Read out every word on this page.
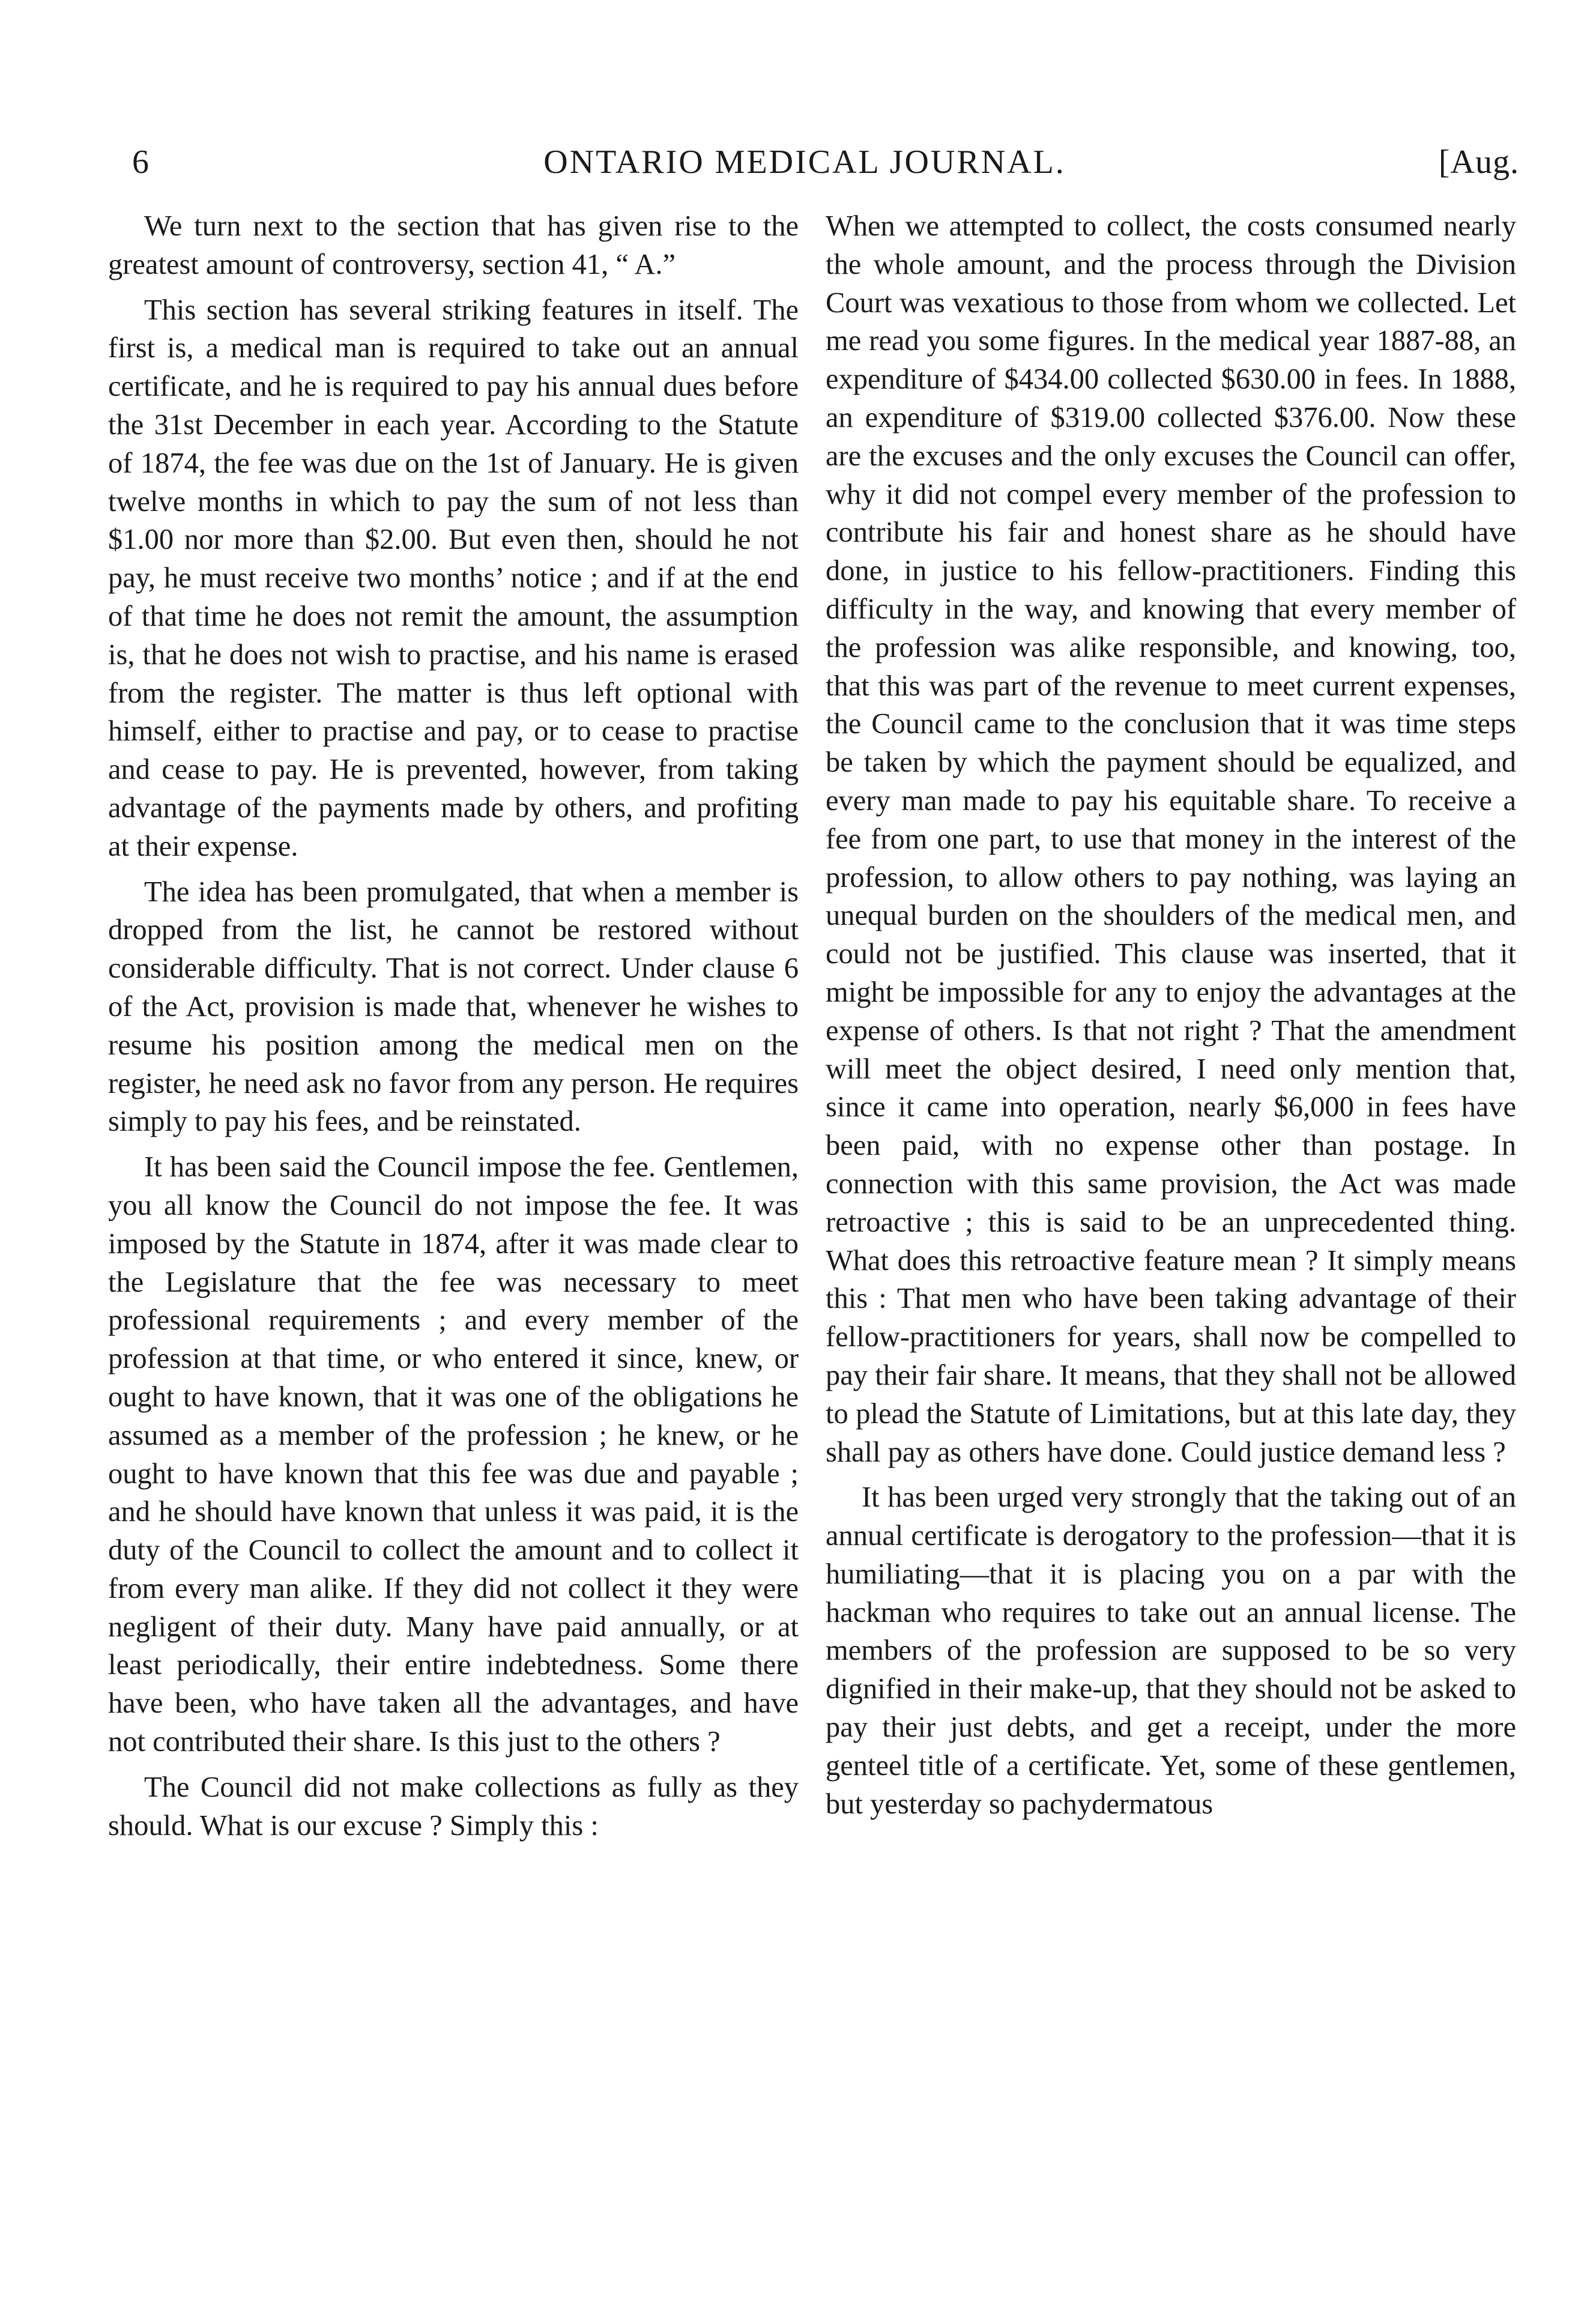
6	ONTARIO MEDICAL JOURNAL.	[Aug.

We turn next to the section that has given rise to the greatest amount of controversy, section 41, “ A.”

This section has several striking features in itself. The first is, a medical man is required to take out an annual certificate, and he is required to pay his annual dues before the 31st December in each year. According to the Statute of 1874, the fee was due on the 1st of January. He is given twelve months in which to pay the sum of not less than $1.00 nor more than $2.00. But even then, should he not pay, he must receive two months’ notice ; and if at the end of that time he does not remit the amount, the assumption is, that he does not wish to practise, and his name is erased from the register. The matter is thus left optional with himself, either to practise and pay, or to cease to practise and cease to pay. He is prevented, however, from taking advantage of the payments made by others, and profiting at their expense.

The idea has been promulgated, that when a member is dropped from the list, he cannot be restored without considerable difficulty. That is not correct. Under clause 6 of the Act, provision is made that, whenever he wishes to resume his position among the medical men on the register, he need ask no favor from any person. He requires simply to pay his fees, and be reinstated.

It has been said the Council impose the fee. Gentlemen, you all know the Council do not impose the fee. It was imposed by the Statute in 1874, after it was made clear to the Legislature that the fee was necessary to meet professional requirements ; and every member of the profession at that time, or who entered it since, knew, or ought to have known, that it was one of the obligations he assumed as a member of the profession ; he knew, or he ought to have known that this fee was due and payable ; and he should have known that unless it was paid, it is the duty of the Council to collect the amount and to collect it from every man alike. If they did not collect it they were negligent of their duty. Many have paid annually, or at least periodically, their entire indebtedness. Some there have been, who have taken all the advantages, and have not contributed their share. Is this just to the others ?

The Council did not make collections as fully as they should. What is our excuse ? Simply this :

When we attempted to collect, the costs consumed nearly the whole amount, and the process through the Division Court was vexatious to those from whom we collected. Let me read you some figures. In the medical year 1887-88, an expenditure of $434.00 collected $630.00 in fees. In 1888, an expenditure of $319.00 collected $376.00. Now these are the excuses and the only excuses the Council can offer, why it did not compel every member of the profession to contribute his fair and honest share as he should have done, in justice to his fellow-practitioners. Finding this difficulty in the way, and knowing that every member of the profession was alike responsible, and knowing, too, that this was part of the revenue to meet current expenses, the Council came to the conclusion that it was time steps be taken by which the payment should be equalized, and every man made to pay his equitable share. To receive a fee from one part, to use that money in the interest of the profession, to allow others to pay nothing, was laying an unequal burden on the shoulders of the medical men, and could not be justified. This clause was inserted, that it might be impossible for any to enjoy the advantages at the expense of others. Is that not right ? That the amendment will meet the object desired, I need only mention that, since it came into operation, nearly $6,000 in fees have been paid, with no expense other than postage. In connection with this same provision, the Act was made retroactive ; this is said to be an unprecedented thing. What does this retroactive feature mean ? It simply means this : That men who have been taking advantage of their fellow-practitioners for years, shall now be compelled to pay their fair share. It means, that they shall not be allowed to plead the Statute of Limitations, but at this late day, they shall pay as others have done. Could justice demand less ?

It has been urged very strongly that the taking out of an annual certificate is derogatory to the profession—that it is humiliating—that it is placing you on a par with the hackman who requires to take out an annual license. The members of the profession are supposed to be so very dignified in their make-up, that they should not be asked to pay their just debts, and get a receipt, under the more genteel title of a certificate. Yet, some of these gentlemen, but yesterday so pachydermatous
